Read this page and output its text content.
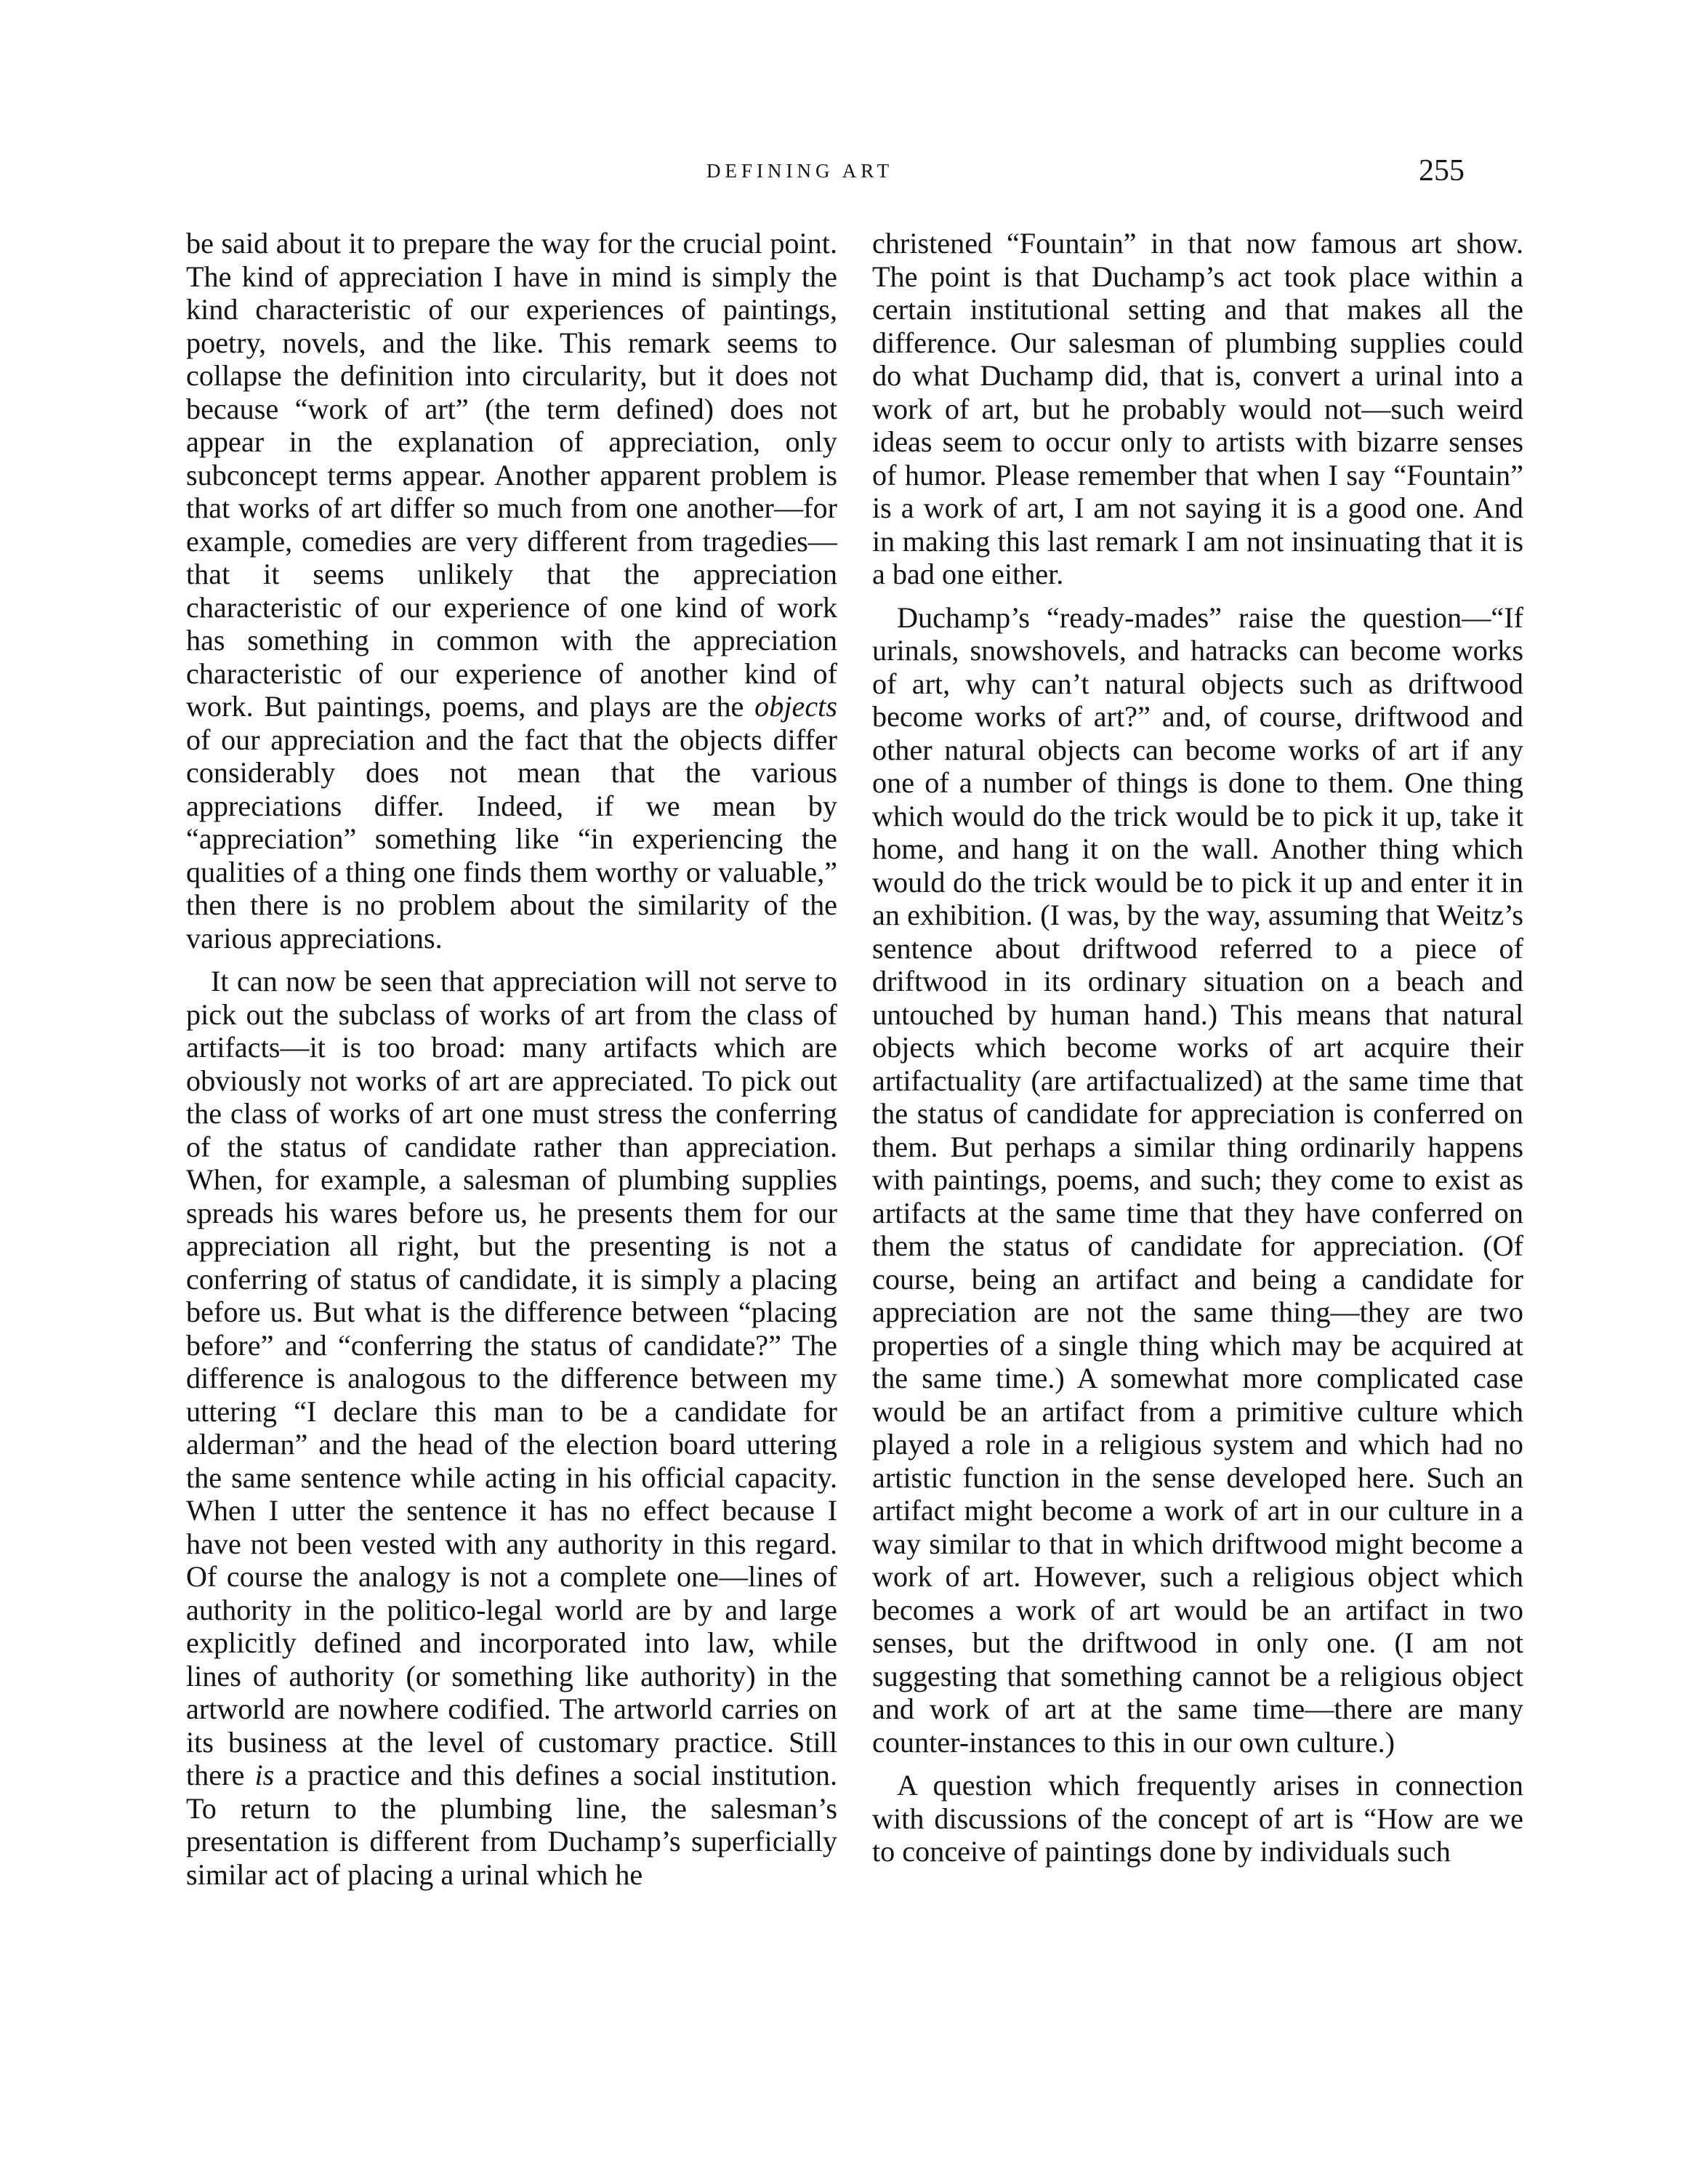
DEFINING ART	255

be said about it to prepare the way for the crucial point. The kind of appreciation I have in mind is simply the kind characteristic of our experiences of paintings, poetry, novels, and the like. This remark seems to collapse the definition into circularity, but it does not because “work of art” (the term defined) does not appear in the explanation of appreciation, only subconcept terms appear. Another apparent problem is that works of art differ so much from one another—for example, comedies are very different from tragedies—that it seems unlikely that the appreciation characteristic of our experience of one kind of work has something in common with the appreciation characteristic of our experience of another kind of work. But paintings, poems, and plays are the objects of our appreciation and the fact that the objects differ considerably does not mean that the various appreciations differ. Indeed, if we mean by “appreciation” something like “in experiencing the qualities of a thing one finds them worthy or valuable,” then there is no problem about the similarity of the various appreciations.

It can now be seen that appreciation will not serve to pick out the subclass of works of art from the class of artifacts—it is too broad: many artifacts which are obviously not works of art are appreciated. To pick out the class of works of art one must stress the conferring of the status of candidate rather than appreciation. When, for example, a salesman of plumbing supplies spreads his wares before us, he presents them for our appreciation all right, but the presenting is not a conferring of status of candidate, it is simply a placing before us. But what is the difference between “placing before” and “conferring the status of candidate?” The difference is analogous to the difference between my uttering “I declare this man to be a candidate for alderman” and the head of the election board uttering the same sentence while acting in his official capacity. When I utter the sentence it has no effect because I have not been vested with any authority in this regard. Of course the analogy is not a complete one—lines of authority in the politico-legal world are by and large explicitly defined and incorporated into law, while lines of authority (or something like authority) in the artworld are nowhere codified. The artworld carries on its business at the level of customary practice. Still there is a practice and this defines a social institution. To return to the plumbing line, the salesman’s presentation is different from Duchamp’s superficially similar act of placing a urinal which he

christened “Fountain” in that now famous art show. The point is that Duchamp’s act took place within a certain institutional setting and that makes all the difference. Our salesman of plumbing supplies could do what Duchamp did, that is, convert a urinal into a work of art, but he probably would not—such weird ideas seem to occur only to artists with bizarre senses of humor. Please remember that when I say “Fountain” is a work of art, I am not saying it is a good one. And in making this last remark I am not insinuating that it is a bad one either.

Duchamp’s “ready-mades” raise the question—“If urinals, snowshovels, and hatracks can become works of art, why can’t natural objects such as driftwood become works of art?” and, of course, driftwood and other natural objects can become works of art if any one of a number of things is done to them. One thing which would do the trick would be to pick it up, take it home, and hang it on the wall. Another thing which would do the trick would be to pick it up and enter it in an exhibition. (I was, by the way, assuming that Weitz’s sentence about driftwood referred to a piece of driftwood in its ordinary situation on a beach and untouched by human hand.) This means that natural objects which become works of art acquire their artifactuality (are artifactualized) at the same time that the status of candidate for appreciation is conferred on them. But perhaps a similar thing ordinarily happens with paintings, poems, and such; they come to exist as artifacts at the same time that they have conferred on them the status of candidate for appreciation. (Of course, being an artifact and being a candidate for appreciation are not the same thing—they are two properties of a single thing which may be acquired at the same time.) A somewhat more complicated case would be an artifact from a primitive culture which played a role in a religious system and which had no artistic function in the sense developed here. Such an artifact might become a work of art in our culture in a way similar to that in which driftwood might become a work of art. However, such a religious object which becomes a work of art would be an artifact in two senses, but the driftwood in only one. (I am not suggesting that something cannot be a religious object and work of art at the same time—there are many counter-instances to this in our own culture.)

A question which frequently arises in connection with discussions of the concept of art is “How are we to conceive of paintings done by individuals such
